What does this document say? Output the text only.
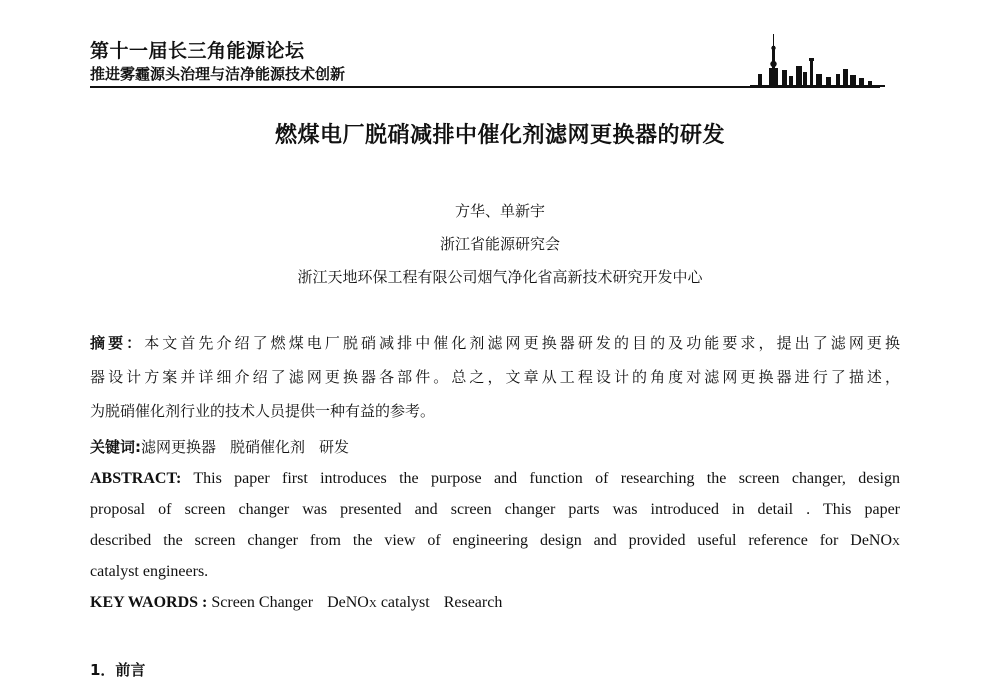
第十一届长三角能源论坛
推进雾霾源头治理与洁净能源技术创新
燃煤电厂脱硝减排中催化剂滤网更换器的研发
方华、单新宇
浙江省能源研究会
浙江天地环保工程有限公司烟气净化省高新技术研究开发中心
摘要：本文首先介绍了燃煤电厂脱硝减排中催化剂滤网更换器研发的目的及功能要求，提出了滤网更换
器设计方案并详细介绍了滤网更换器各部件。总之，文章从工程设计的角度对滤网更换器进行了描述，
为脱硝催化剂行业的技术人员提供一种有益的参考。
关键词:滤网更换器 脱硝催化剂 研发
ABSTRACT: This paper first introduces the purpose and function of researching the screen changer, design
proposal of screen changer was presented and screen changer parts was introduced in detail . This paper
described the screen changer from the view of engineering design and provided useful reference for DeNOX
catalyst engineers.
KEY WAORDS : Screen Changer DeNOX catalyst Research
1．前言
